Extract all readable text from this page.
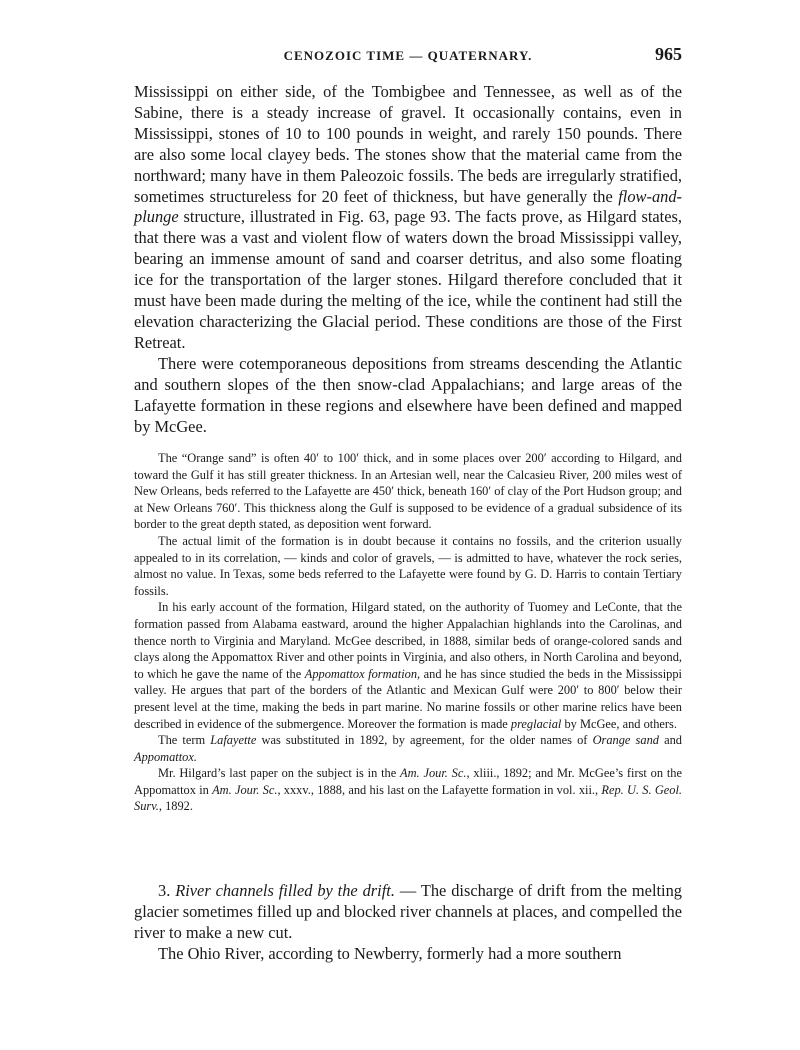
CENOZOIC TIME — QUATERNARY.	965

Mississippi on either side, of the Tombigbee and Tennessee, as well as of the Sabine, there is a steady increase of gravel. It occasionally contains, even in Mississippi, stones of 10 to 100 pounds in weight, and rarely 150 pounds. There are also some local clayey beds. The stones show that the material came from the northward; many have in them Paleozoic fossils. The beds are irregularly stratified, sometimes structureless for 20 feet of thickness, but have generally the flow-and-plunge structure, illustrated in Fig. 63, page 93. The facts prove, as Hilgard states, that there was a vast and violent flow of waters down the broad Mississippi valley, bearing an immense amount of sand and coarser detritus, and also some floating ice for the transportation of the larger stones. Hilgard therefore concluded that it must have been made during the melting of the ice, while the continent had still the elevation characterizing the Glacial period. These conditions are those of the First Retreat.

There were cotemporaneous depositions from streams descending the Atlantic and southern slopes of the then snow-clad Appalachians; and large areas of the Lafayette formation in these regions and elsewhere have been defined and mapped by McGee.

The “Orange sand” is often 40′ to 100′ thick, and in some places over 200′ according to Hilgard, and toward the Gulf it has still greater thickness. In an Artesian well, near the Calcasieu River, 200 miles west of New Orleans, beds referred to the Lafayette are 450′ thick, beneath 160′ of clay of the Port Hudson group; and at New Orleans 760′. This thickness along the Gulf is supposed to be evidence of a gradual subsidence of its border to the great depth stated, as deposition went forward.

The actual limit of the formation is in doubt because it contains no fossils, and the criterion usually appealed to in its correlation, — kinds and color of gravels, — is admitted to have, whatever the rock series, almost no value. In Texas, some beds referred to the Lafayette were found by G. D. Harris to contain Tertiary fossils.

In his early account of the formation, Hilgard stated, on the authority of Tuomey and LeConte, that the formation passed from Alabama eastward, around the higher Appalachian highlands into the Carolinas, and thence north to Virginia and Maryland. McGee described, in 1888, similar beds of orange-colored sands and clays along the Appomattox River and other points in Virginia, and also others, in North Carolina and beyond, to which he gave the name of the Appomattox formation, and he has since studied the beds in the Mississippi valley. He argues that part of the borders of the Atlantic and Mexican Gulf were 200′ to 800′ below their present level at the time, making the beds in part marine. No marine fossils or other marine relics have been described in evidence of the submergence. Moreover the formation is made preglacial by McGee, and others.

The term Lafayette was substituted in 1892, by agreement, for the older names of Orange sand and Appomattox.

Mr. Hilgard’s last paper on the subject is in the Am. Jour. Sc., xliii., 1892; and Mr. McGee’s first on the Appomattox in Am. Jour. Sc., xxxv., 1888, and his last on the Lafayette formation in vol. xii., Rep. U. S. Geol. Surv., 1892.

3. River channels filled by the drift. — The discharge of drift from the melting glacier sometimes filled up and blocked river channels at places, and compelled the river to make a new cut.

The Ohio River, according to Newberry, formerly had a more southern
